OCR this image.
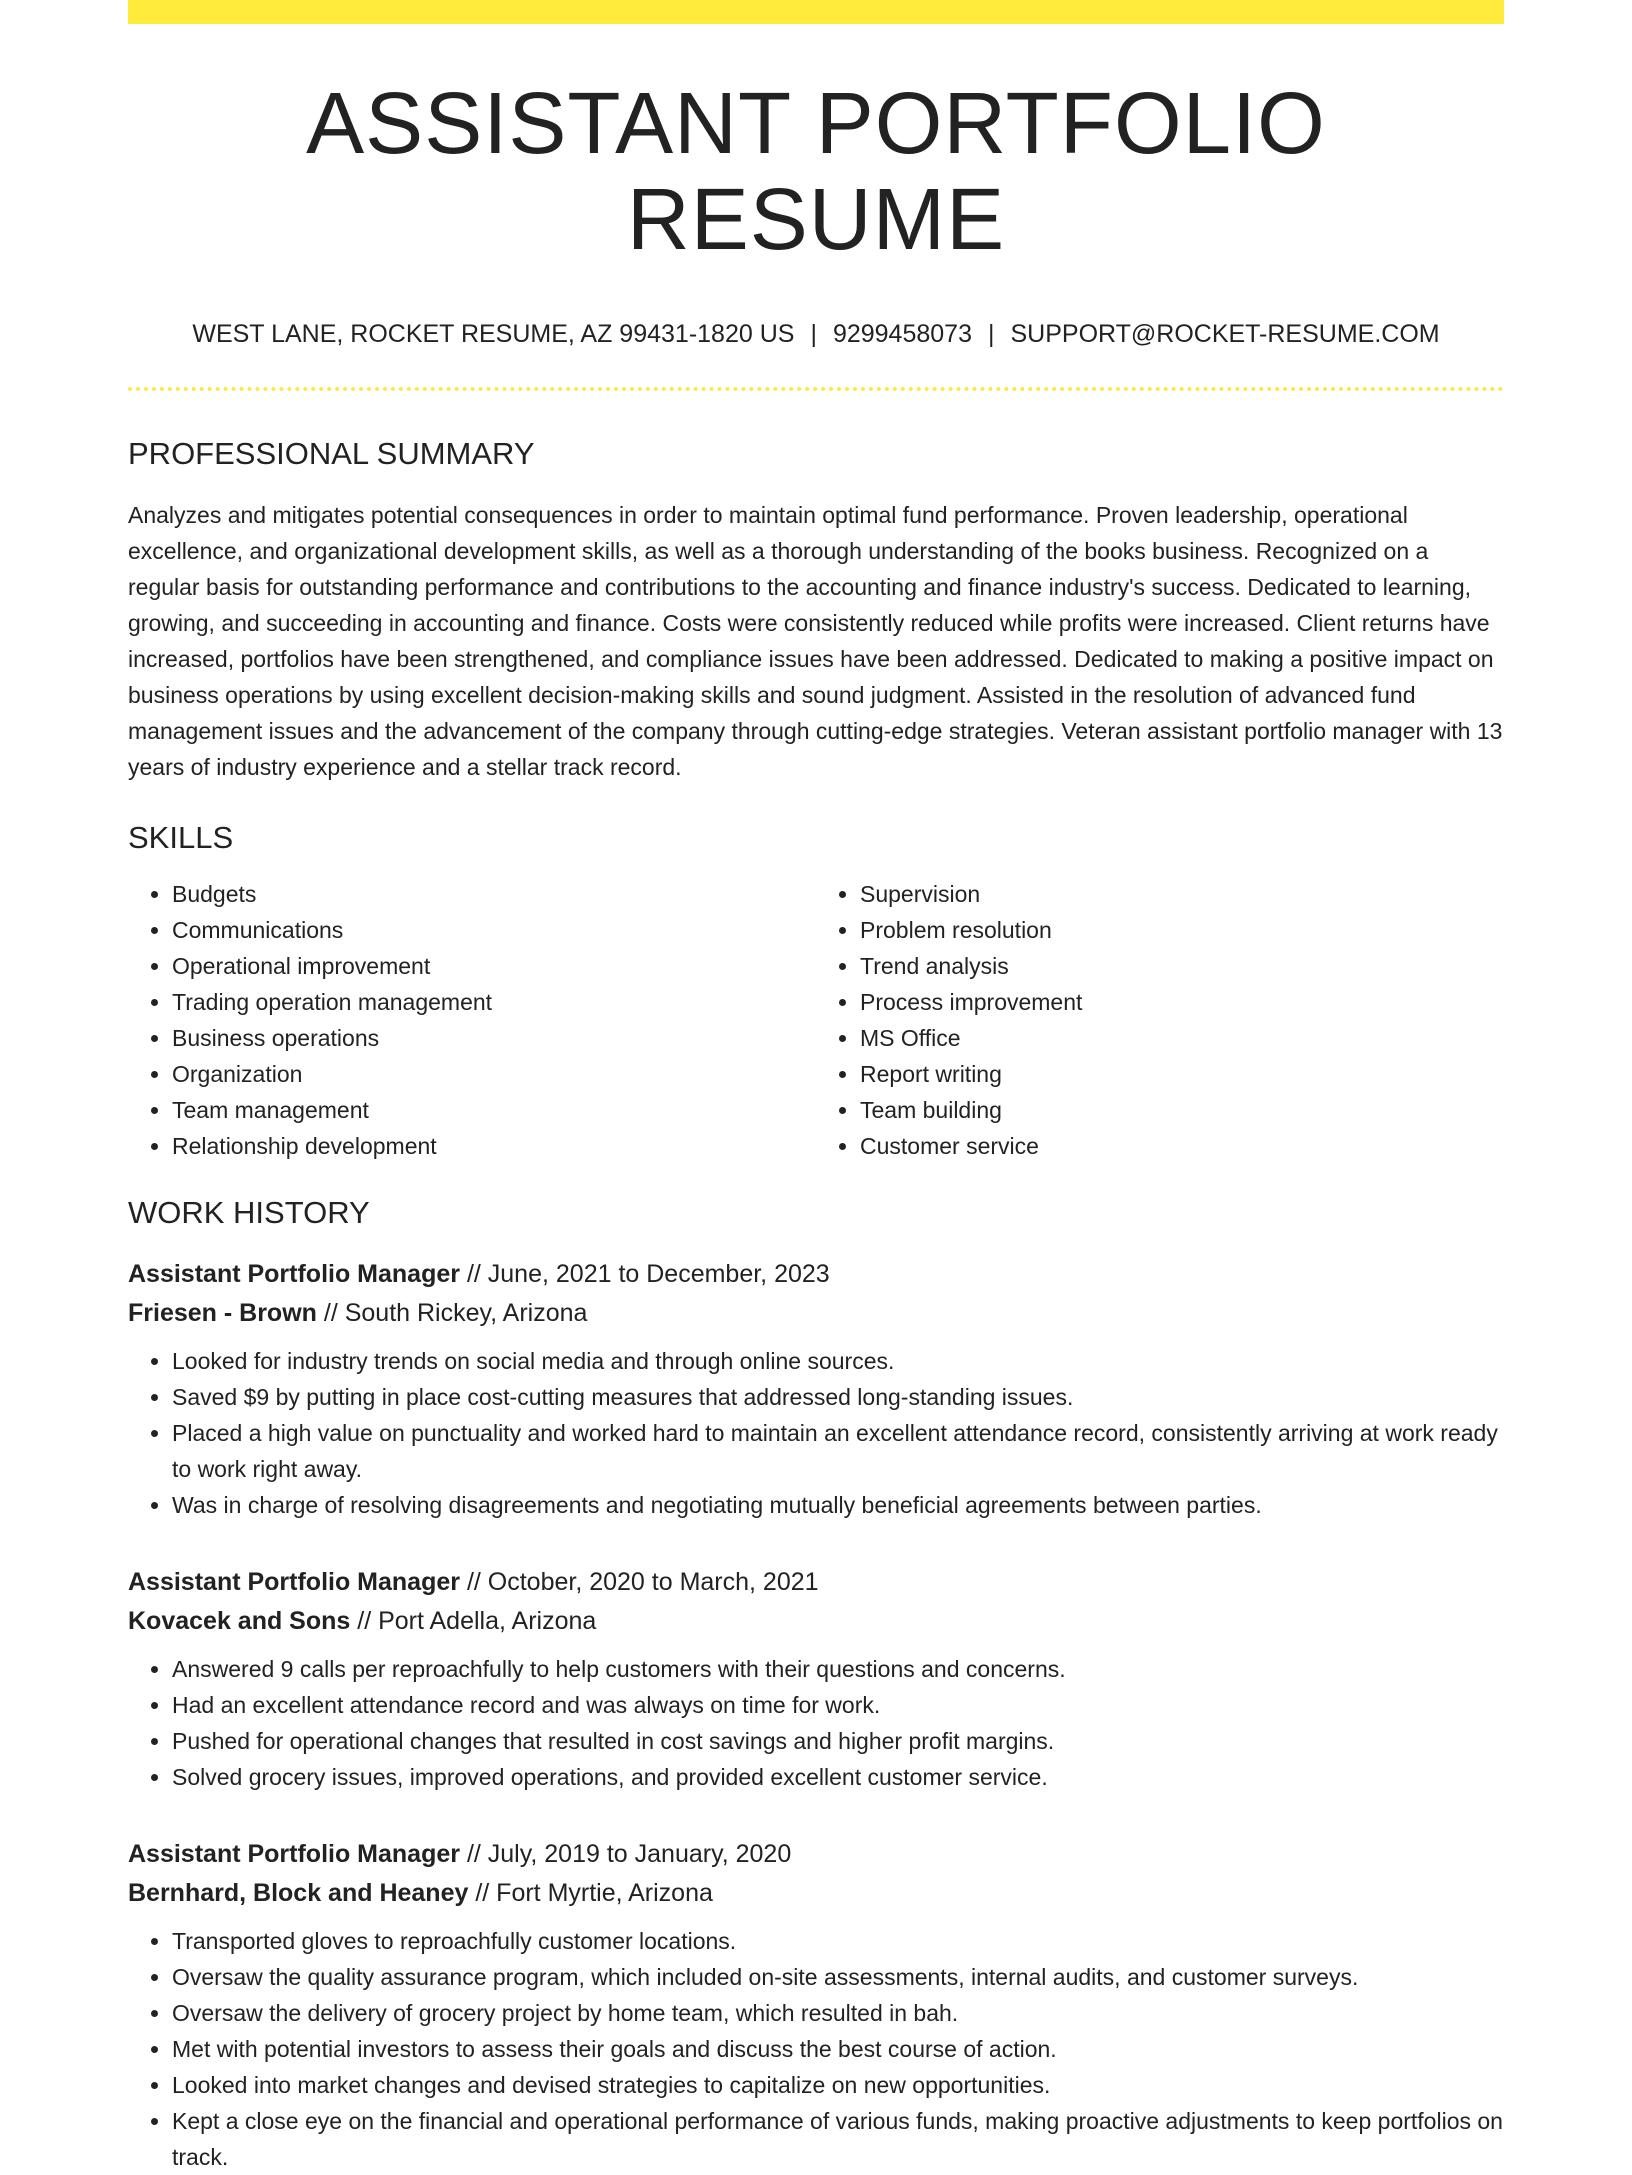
ASSISTANT PORTFOLIO RESUME
WEST LANE, ROCKET RESUME, AZ 99431-1820 US | 9299458073 | SUPPORT@ROCKET-RESUME.COM
PROFESSIONAL SUMMARY

Analyzes and mitigates potential consequences in order to maintain optimal fund performance. Proven leadership, operational excellence, and organizational development skills, as well as a thorough understanding of the books business. Recognized on a regular basis for outstanding performance and contributions to the accounting and finance industry's success. Dedicated to learning, growing, and succeeding in accounting and finance. Costs were consistently reduced while profits were increased. Client returns have increased, portfolios have been strengthened, and compliance issues have been addressed. Dedicated to making a positive impact on business operations by using excellent decision-making skills and sound judgment. Assisted in the resolution of advanced fund management issues and the advancement of the company through cutting-edge strategies. Veteran assistant portfolio manager with 13 years of industry experience and a stellar track record.

SKILLS
• Budgets
• Communications
• Operational improvement
• Trading operation management
• Business operations
• Organization
• Team management
• Relationship development
• Supervision
• Problem resolution
• Trend analysis
• Process improvement
• MS Office
• Report writing
• Team building
• Customer service
WORK HISTORY
Assistant Portfolio Manager // June, 2021 to December, 2023
Friesen - Brown // South Rickey, Arizona
• Looked for industry trends on social media and through online sources.
• Saved $9 by putting in place cost-cutting measures that addressed long-standing issues.
• Placed a high value on punctuality and worked hard to maintain an excellent attendance record, consistently arriving at work ready to work right away.
• Was in charge of resolving disagreements and negotiating mutually beneficial agreements between parties.
Assistant Portfolio Manager // October, 2020 to March, 2021
Kovacek and Sons // Port Adella, Arizona
• Answered 9 calls per reproachfully to help customers with their questions and concerns.
• Had an excellent attendance record and was always on time for work.
• Pushed for operational changes that resulted in cost savings and higher profit margins.
• Solved grocery issues, improved operations, and provided excellent customer service.
Assistant Portfolio Manager // July, 2019 to January, 2020
Bernhard, Block and Heaney // Fort Myrtie, Arizona
• Transported gloves to reproachfully customer locations.
• Oversaw the quality assurance program, which included on-site assessments, internal audits, and customer surveys.
• Oversaw the delivery of grocery project by home team, which resulted in bah.
• Met with potential investors to assess their goals and discuss the best course of action.
• Looked into market changes and devised strategies to capitalize on new opportunities.
• Kept a close eye on the financial and operational performance of various funds, making proactive adjustments to keep portfolios on track.
